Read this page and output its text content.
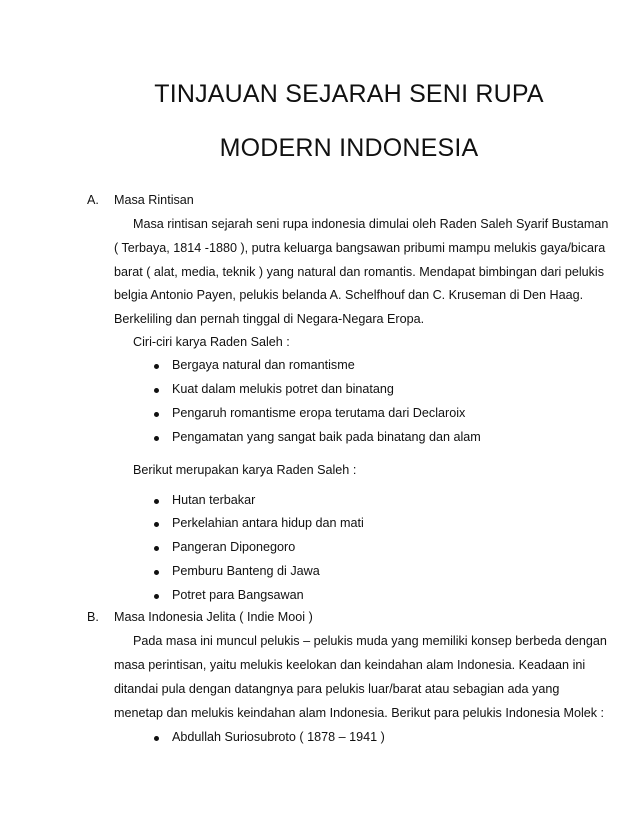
TINJAUAN SEJARAH SENI RUPA
MODERN INDONESIA
A. Masa Rintisan
Masa rintisan sejarah seni rupa indonesia dimulai oleh Raden Saleh Syarif Bustaman
( Terbaya, 1814 -1880 ), putra keluarga bangsawan pribumi mampu melukis gaya/bicara
barat ( alat, media, teknik ) yang natural dan romantis. Mendapat bimbingan dari pelukis
belgia Antonio Payen, pelukis belanda A. Schelfhouf dan C. Kruseman di Den Haag.
Berkeliling dan pernah tinggal di Negara-Negara Eropa.
Ciri-ciri karya Raden Saleh :
Bergaya natural dan romantisme
Kuat dalam melukis potret dan binatang
Pengaruh romantisme eropa terutama dari Declaroix
Pengamatan yang sangat baik pada binatang dan alam
Berikut merupakan karya Raden Saleh :
Hutan terbakar
Perkelahian antara hidup dan mati
Pangeran Diponegoro
Pemburu Banteng di Jawa
Potret para Bangsawan
B. Masa Indonesia Jelita ( Indie Mooi )
Pada masa ini muncul pelukis – pelukis muda yang memiliki konsep berbeda dengan
masa perintisan, yaitu melukis keelokan dan keindahan alam Indonesia. Keadaan ini
ditandai pula dengan datangnya para pelukis luar/barat atau sebagian ada yang
menetap dan melukis keindahan alam Indonesia. Berikut para pelukis Indonesia Molek :
Abdullah Suriosubroto ( 1878 – 1941 )
